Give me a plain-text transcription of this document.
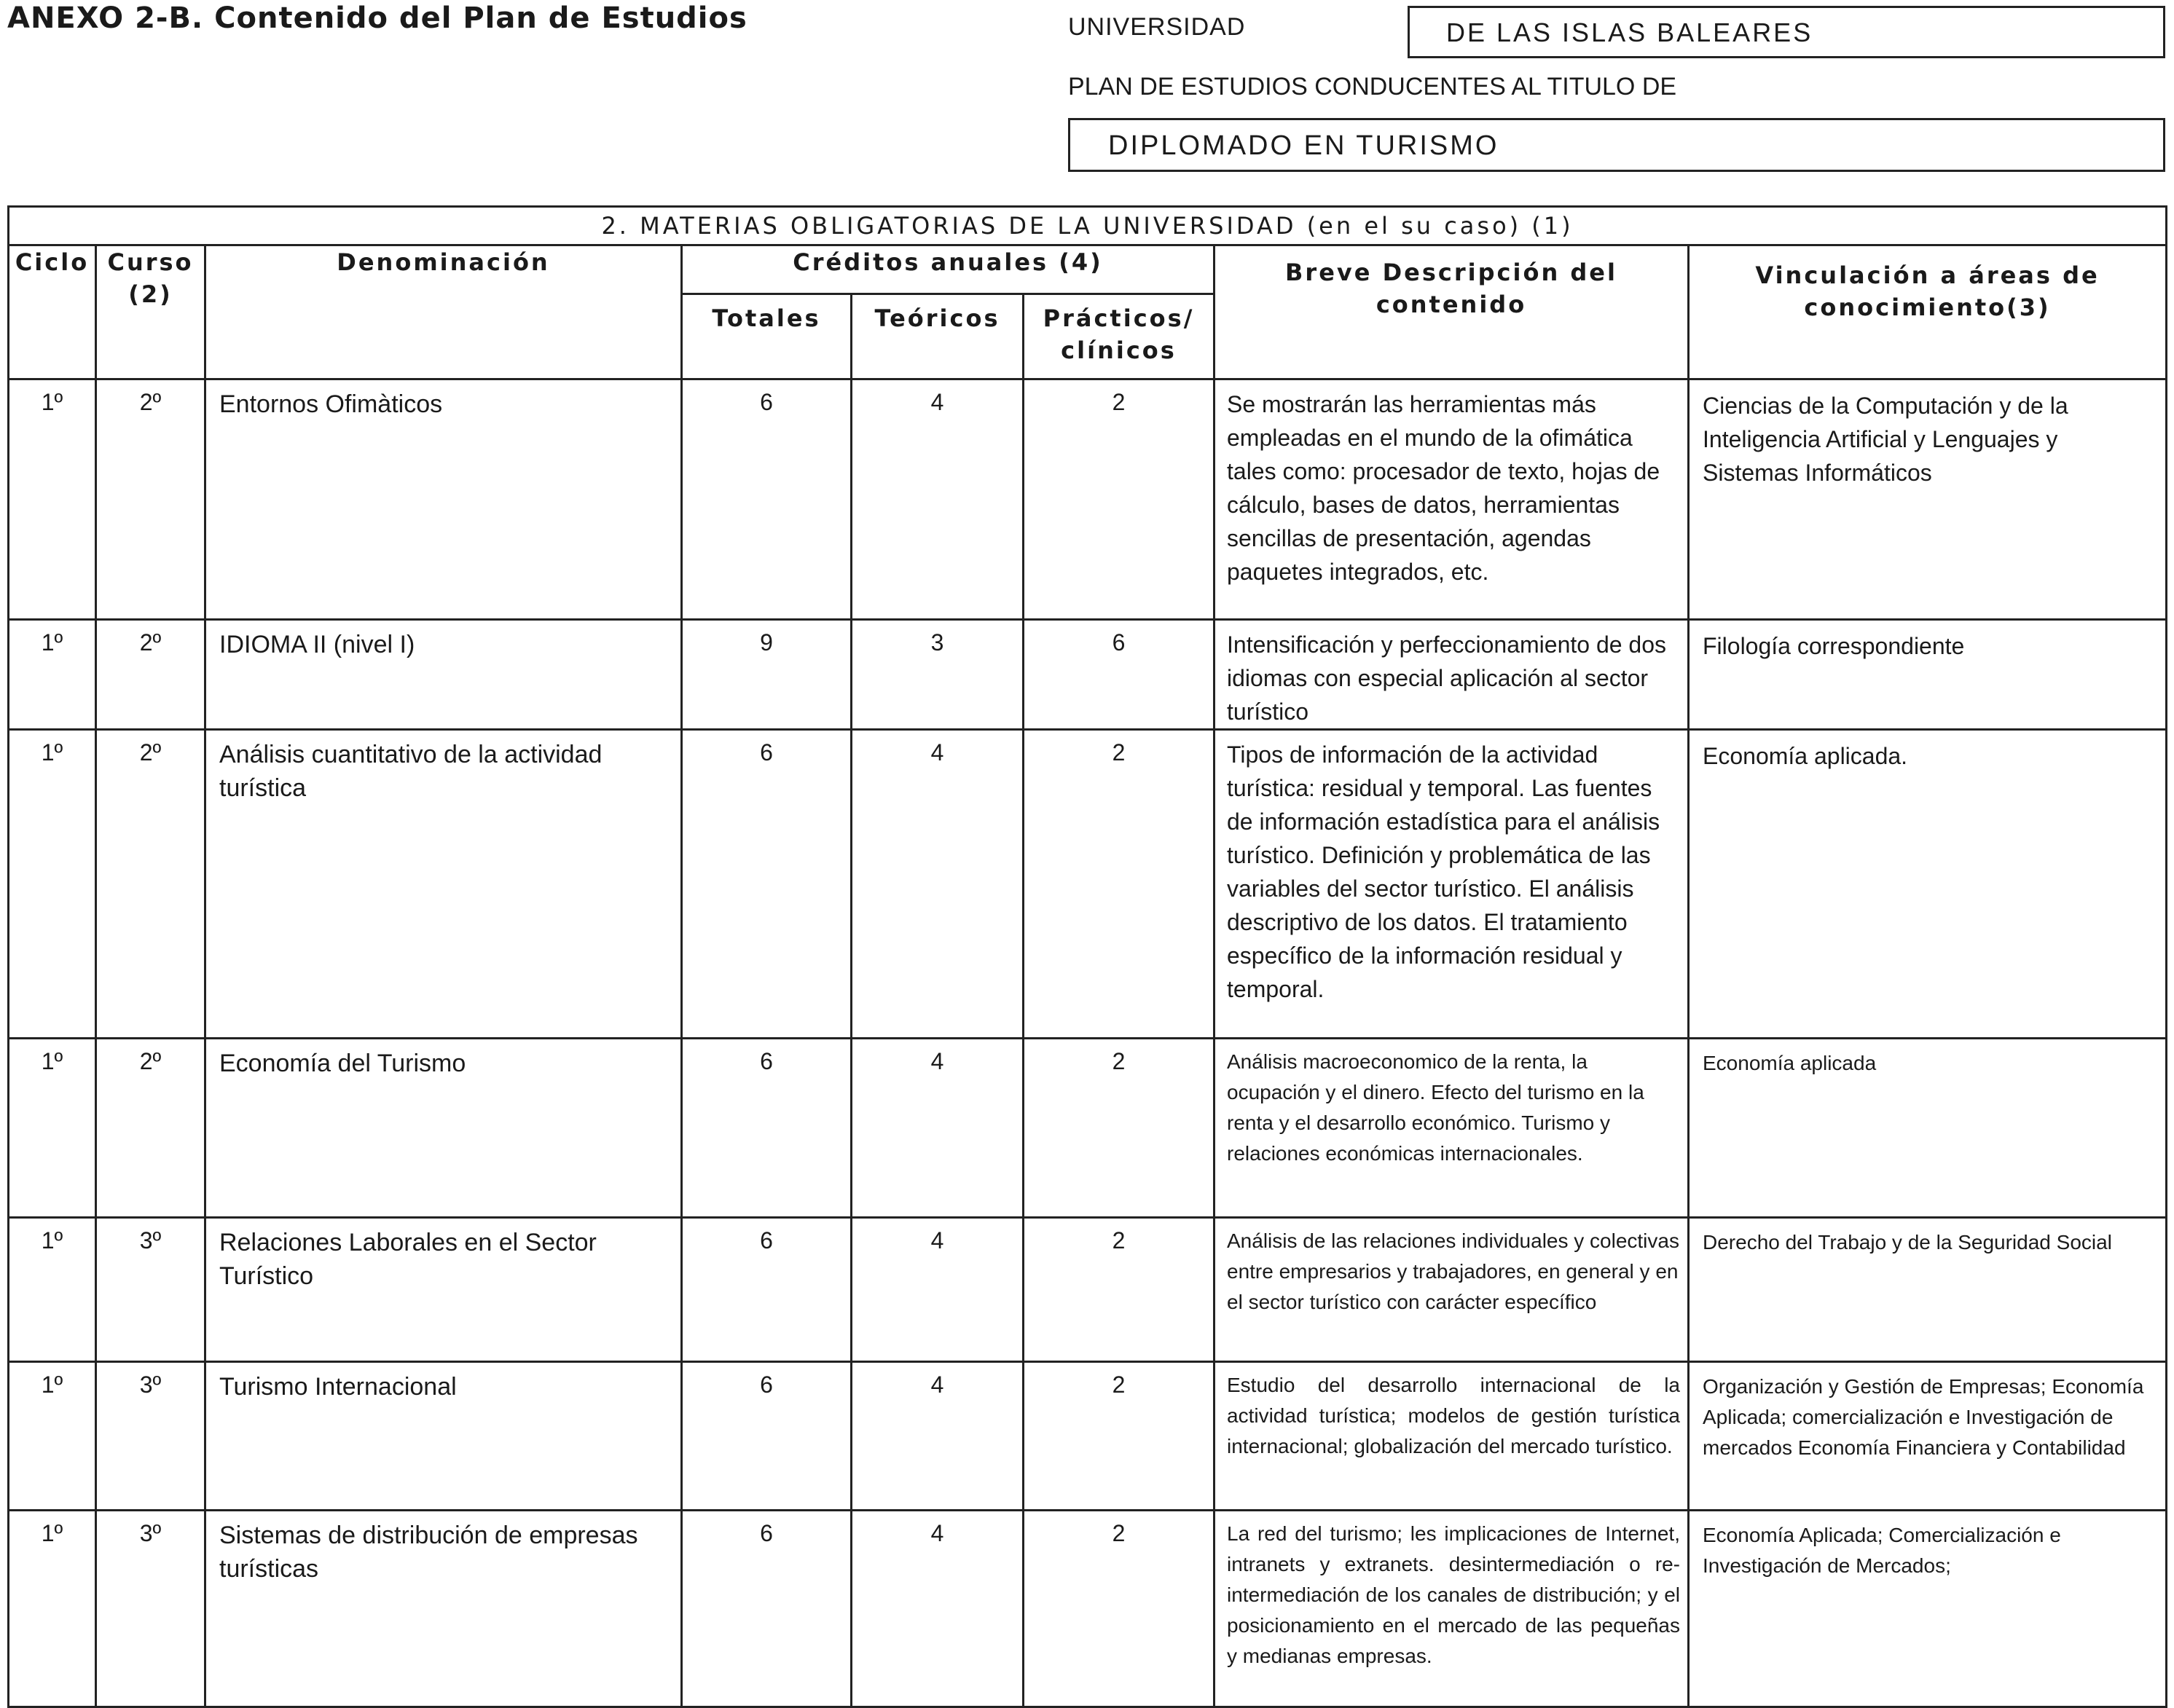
ANEXO 2-B. Contenido del Plan de Estudios	UNIVERSIDAD	DE LAS ISLAS BALEARES
PLAN DE ESTUDIOS CONDUCENTES AL TITULO DE
DIPLOMADO EN TURISMO
2. MATERIAS OBLIGATORIAS DE LA UNIVERSIDAD (en el su caso) (1)							
Ciclo	Curso (2)	Denominación	Créditos anuales (4)			Breve Descripción del contenido	Vinculación a áreas de conocimiento(3)
			Totales	Teóricos	Prácticos/ clínicos		
1º	2º	Entornos Ofimàticos	6	4	2	Se mostrarán las herramientas más empleadas en el mundo de la ofimática tales como: procesador de texto, hojas de cálculo, bases de datos, herramientas sencillas de presentación, agendas paquetes integrados, etc.	Ciencias de la Computación y de la Inteligencia Artificial y Lenguajes y Sistemas Informáticos
1º	2º	IDIOMA II (nivel I)	9	3	6	Intensificación y perfeccionamiento de dos idiomas con especial aplicación al sector turístico	Filología correspondiente
1º	2º	Análisis cuantitativo de la actividad turística	6	4	2	Tipos de información de la actividad turística: residual y temporal. Las fuentes de información estadística para el análisis turístico. Definición y problemática de las variables del sector turístico. El análisis descriptivo de los datos. El tratamiento específico de la información residual y temporal.	Economía aplicada.
1º	2º	Economía del Turismo	6	4	2	Análisis macroeconomico de la renta, la ocupación y el dinero. Efecto del turismo en la renta y el desarrollo económico. Turismo y relaciones económicas internacionales.	Economía aplicada
1º	3º	Relaciones Laborales en el Sector Turístico	6	4	2	Análisis de las relaciones individuales y colectivas entre empresarios y trabajadores, en general y en el sector turístico con carácter específico	Derecho del Trabajo y de la Seguridad Social
1º	3º	Turismo Internacional	6	4	2	Estudio del desarrollo internacional de la actividad turística; modelos de gestión turística internacional; globalización del mercado turístico.	Organización y Gestión de Empresas; Economía Aplicada; comercialización e Investigación de mercados Economía Financiera y Contabilidad
1º	3º	Sistemas de distribución de empresas turísticas	6	4	2	La red del turismo; les implicaciones de Internet, intranets y extranets. desintermediación o re-intermediación de los canales de distribución; y el posicionamiento en el mercado de las pequeñas y medianas empresas.	Economía Aplicada; Comercialización e Investigación de Mercados;
